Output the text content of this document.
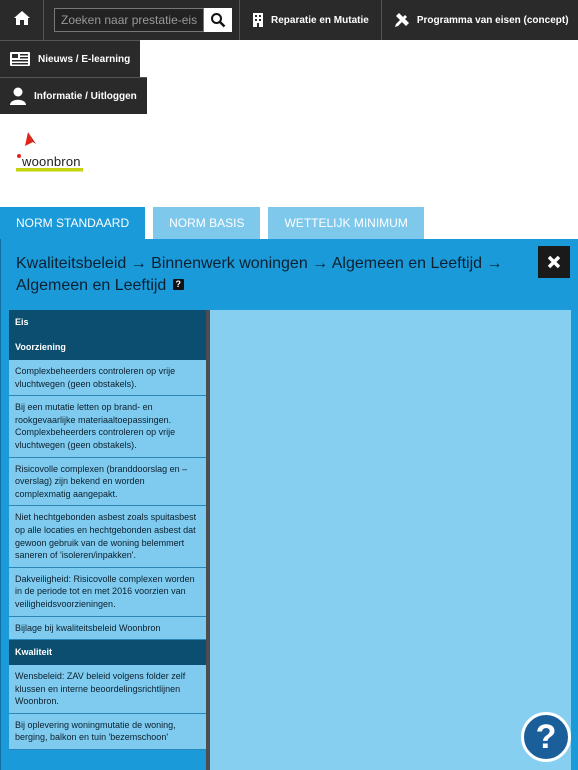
Zoeken naar prestatie-eis...
Reparatie en Mutatie	Programma van eisen (concept)
Nieuws / E-learning
Informatie / Uitloggen
woonbron
NORM STANDAARD	NORM BASIS	WETTELIJK MINIMUM
Kwaliteitsbeleid → Binnenwerk woningen → Algemeen en Leeftijd → Algemeen en Leeftijd ?
Eis
Voorziening
Complexbeheerders controleren op vrije vluchtwegen (geen obstakels).
Bij een mutatie letten op brand- en rookgevaarlijke materiaaltoepassingen. Complexbeheerders controleren op vrije vluchtwegen (geen obstakels).
Risicovolle complexen (branddoorslag en –overslag) zijn bekend en worden complexmatig aangepakt.
Niet hechtgebonden asbest zoals spuitasbest op alle locaties en hechtgebonden asbest dat gewoon gebruik van de woning belemmert saneren of 'isoleren/inpakken'.
Dakveiligheid: Risicovolle complexen worden in de periode tot en met 2016 voorzien van veiligheidsvoorzieningen.
Bijlage bij kwaliteitsbeleid Woonbron
Kwaliteit
Wensbeleid: ZAV beleid volgens folder zelf klussen en interne beoordelingsrichtlijnen Woonbron.
Bij oplevering woningmutatie de woning, berging, balkon en tuin 'bezemschoon'	?
